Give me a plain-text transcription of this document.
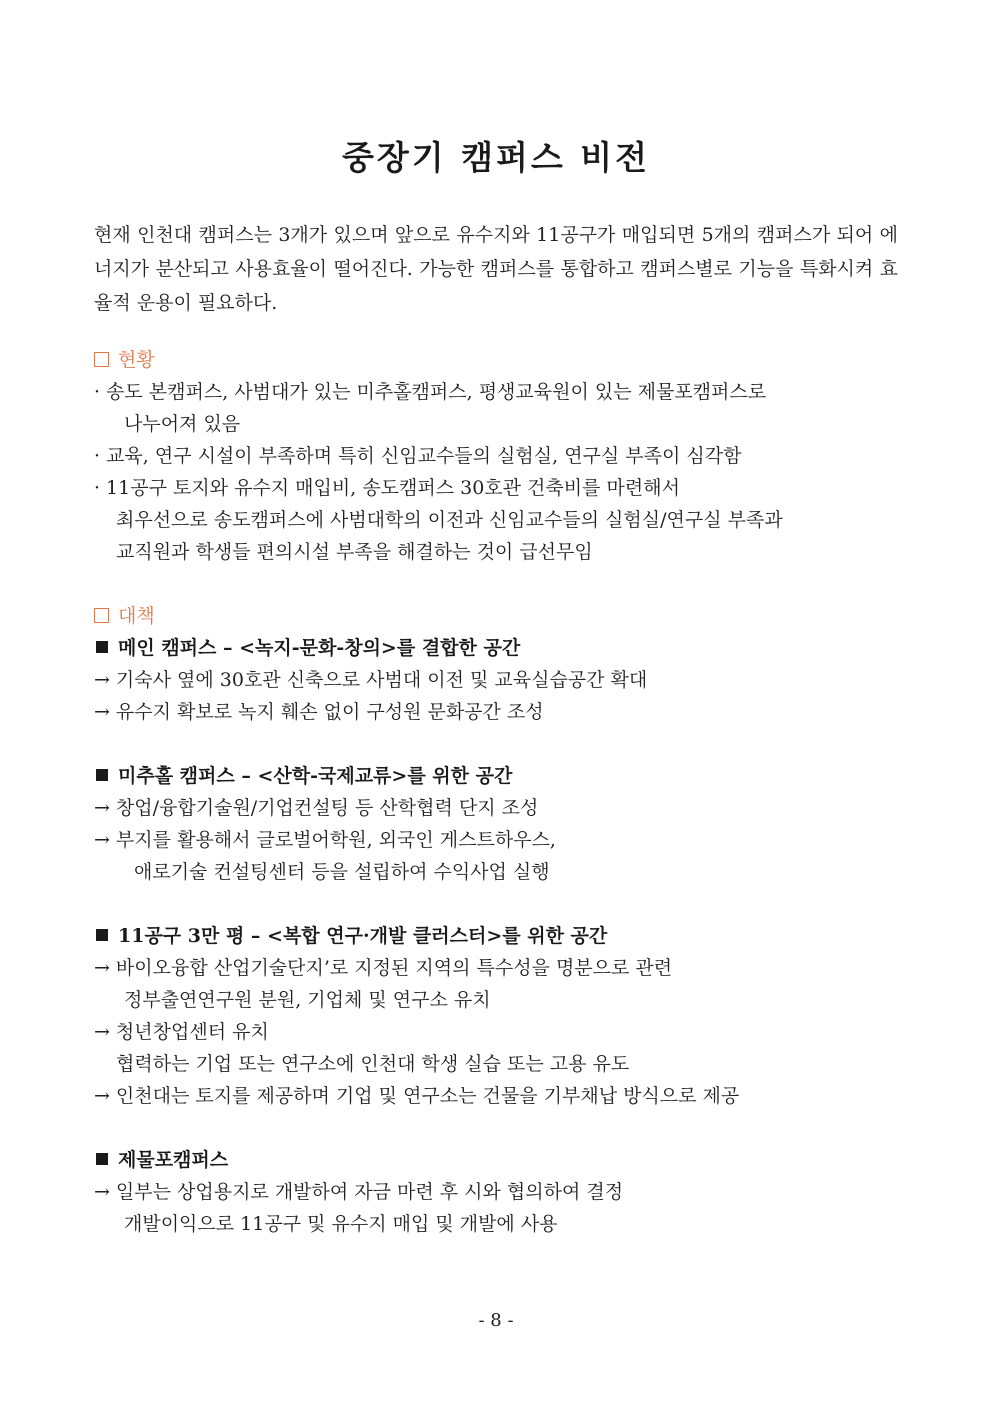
중장기 캠퍼스 비전
현재 인천대 캠퍼스는 3개가 있으며 앞으로 유수지와 11공구가 매입되면 5개의 캠퍼스가 되어 에너지가 분산되고 사용효율이 떨어진다. 가능한 캠퍼스를 통합하고 캠퍼스별로 기능을 특화시켜 효율적 운용이 필요하다.
현황
· 송도 본캠퍼스, 사범대가 있는 미추홀캠퍼스, 평생교육원이 있는 제물포캠퍼스로
나누어져 있음
· 교육, 연구 시설이 부족하며 특히 신임교수들의 실험실, 연구실 부족이 심각함
· 11공구 토지와 유수지 매입비, 송도캠퍼스 30호관 건축비를 마련해서
최우선으로 송도캠퍼스에 사범대학의 이전과 신임교수들의 실험실/연구실 부족과
교직원과 학생들 편의시설 부족을 해결하는 것이 급선무임
대책
메인 캠퍼스 – <녹지-문화-창의>를 결합한 공간
→ 기숙사 옆에 30호관 신축으로 사범대 이전 및 교육실습공간 확대
→ 유수지 확보로 녹지 훼손 없이 구성원 문화공간 조성
미추홀 캠퍼스 – <산학-국제교류>를 위한 공간
→ 창업/융합기술원/기업컨설팅 등 산학협력 단지 조성
→ 부지를 활용해서 글로벌어학원, 외국인 게스트하우스,
애로기술 컨설팅센터 등을 설립하여 수익사업 실행
11공구 3만 평 – <복합 연구·개발 클러스터>를 위한 공간
→ 바이오융합 산업기술단지’로 지정된 지역의 특수성을 명분으로 관련
정부출연연구원 분원, 기업체 및 연구소 유치
→ 청년창업센터 유치
협력하는 기업 또는 연구소에 인천대 학생 실습 또는 고용 유도
→ 인천대는 토지를 제공하며 기업 및 연구소는 건물을 기부채납 방식으로 제공
제물포캠퍼스
→ 일부는 상업용지로 개발하여 자금 마련 후 시와 협의하여 결정
개발이익으로 11공구 및 유수지 매입 및 개발에 사용
- 8 -
